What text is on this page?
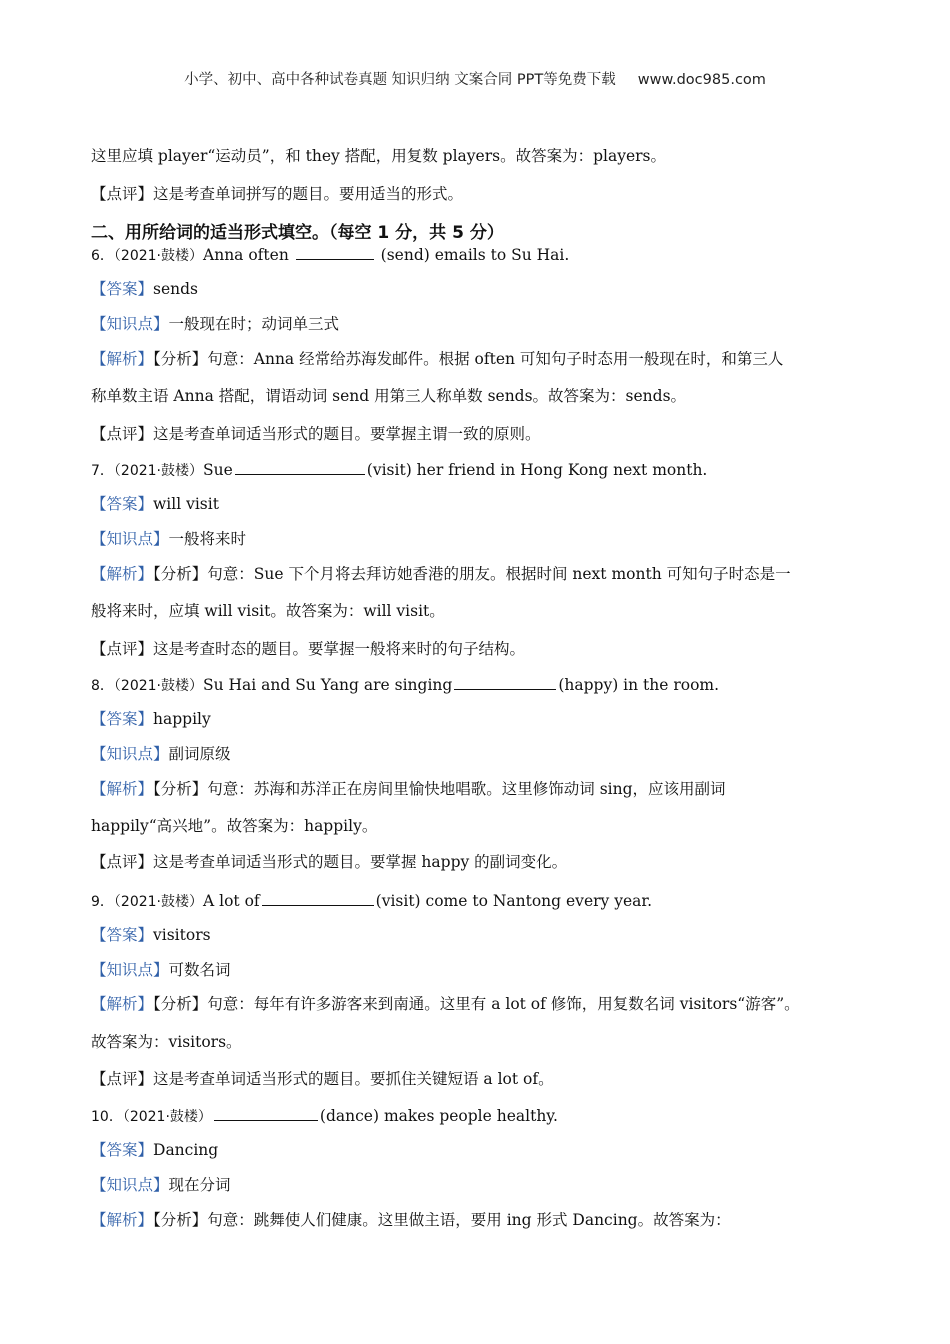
小学、初中、高中各种试卷真题 知识归纳 文案合同 PPT等免费下载 www.doc985.com
这里应填 player“运动员”，和 they 搭配，用复数 players。故答案为：players。
【点评】这是考查单词拼写的题目。要用适当的形式。
二、用所给词的适当形式填空。（每空 1 分，共 5 分）
6．（2021·鼓楼）Anna often	(send) emails to Su Hai.
【答案】sends
【知识点】一般现在时；动词单三式
【解析】【分析】句意：Anna 经常给苏海发邮件。根据 often 可知句子时态用一般现在时，和第三人
称单数主语 Anna 搭配，谓语动词 send 用第三人称单数 sends。故答案为：sends。
【点评】这是考查单词适当形式的题目。要掌握主谓一致的原则。
7．（2021·鼓楼）Sue	(visit) her friend in Hong Kong next month.
【答案】will visit
【知识点】一般将来时
【解析】【分析】句意：Sue 下个月将去拜访她香港的朋友。根据时间 next month 可知句子时态是一
般将来时，应填 will visit。故答案为：will visit。
【点评】这是考查时态的题目。要掌握一般将来时的句子结构。
8．（2021·鼓楼）Su Hai and Su Yang are singing	(happy) in the room.
【答案】happily
【知识点】副词原级
【解析】【分析】句意：苏海和苏洋正在房间里愉快地唱歌。这里修饰动词 sing，应该用副词
happily“高兴地”。故答案为：happily。
【点评】这是考查单词适当形式的题目。要掌握 happy 的副词变化。
9．（2021·鼓楼）A lot of	(visit) come to Nantong every year.
【答案】visitors
【知识点】可数名词
【解析】【分析】句意：每年有许多游客来到南通。这里有 a lot of 修饰，用复数名词 visitors“游客”。
故答案为：visitors。
【点评】这是考查单词适当形式的题目。要抓住关键短语 a lot of。
10．（2021·鼓楼）	(dance) makes people healthy.
【答案】Dancing
【知识点】现在分词
【解析】【分析】句意：跳舞使人们健康。这里做主语，要用 ing 形式 Dancing。故答案为：
